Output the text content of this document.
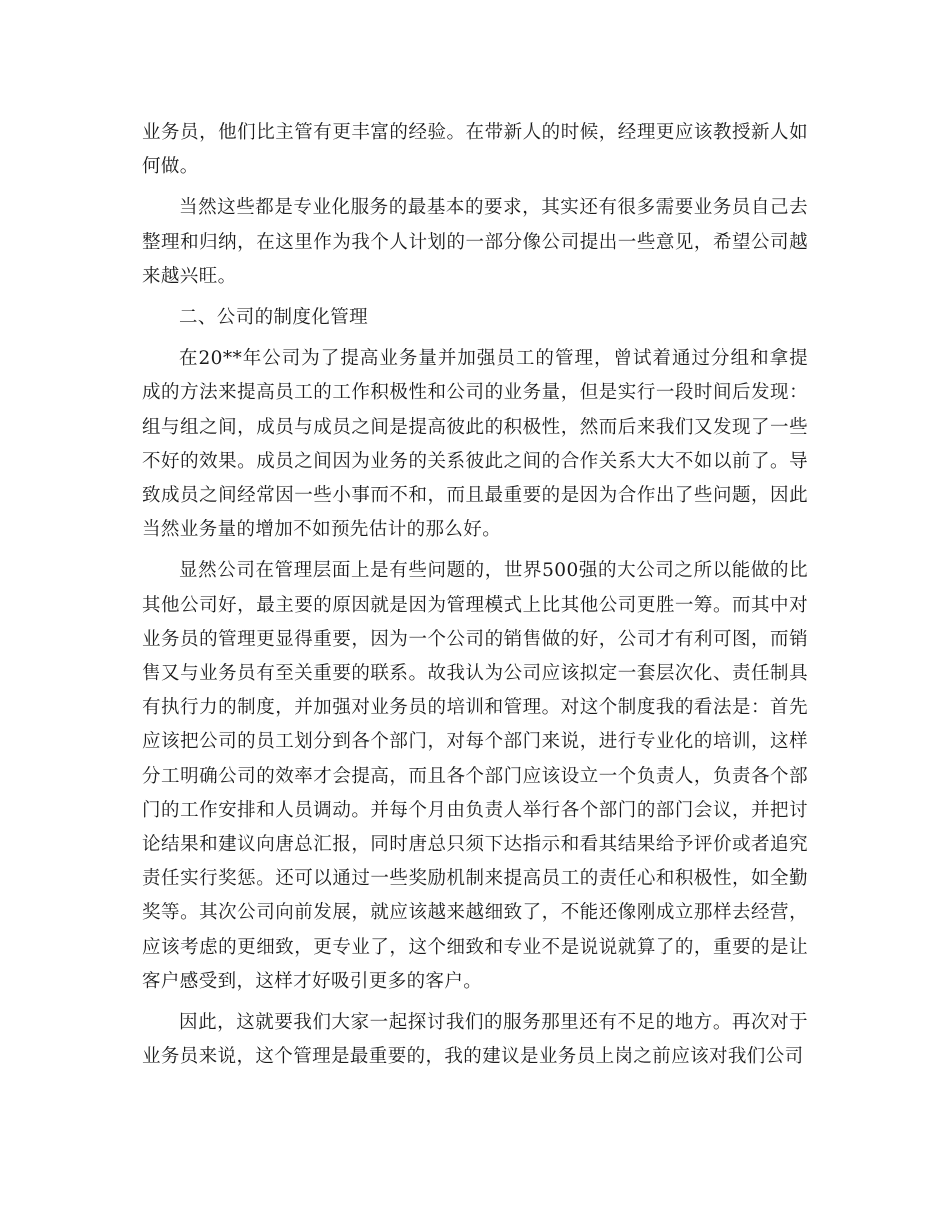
业务员，他们比主管有更丰富的经验。在带新人的时候，经理更应该教授新人如何做。

当然这些都是专业化服务的最基本的要求，其实还有很多需要业务员自己去整理和归纳，在这里作为我个人计划的一部分像公司提出一些意见，希望公司越来越兴旺。

二、公司的制度化管理

在20**年公司为了提高业务量并加强员工的管理，曾试着通过分组和拿提成的方法来提高员工的工作积极性和公司的业务量，但是实行一段时间后发现：组与组之间，成员与成员之间是提高彼此的积极性，然而后来我们又发现了一些不好的效果。成员之间因为业务的关系彼此之间的合作关系大大不如以前了。导致成员之间经常因一些小事而不和，而且最重要的是因为合作出了些问题，因此当然业务量的增加不如预先估计的那么好。

显然公司在管理层面上是有些问题的，世界500强的大公司之所以能做的比其他公司好，最主要的原因就是因为管理模式上比其他公司更胜一筹。而其中对业务员的管理更显得重要，因为一个公司的销售做的好，公司才有利可图，而销售又与业务员有至关重要的联系。故我认为公司应该拟定一套层次化、责任制具有执行力的制度，并加强对业务员的培训和管理。对这个制度我的看法是：首先应该把公司的员工划分到各个部门，对每个部门来说，进行专业化的培训，这样分工明确公司的效率才会提高，而且各个部门应该设立一个负责人，负责各个部门的工作安排和人员调动。并每个月由负责人举行各个部门的部门会议，并把讨论结果和建议向唐总汇报，同时唐总只须下达指示和看其结果给予评价或者追究责任实行奖惩。还可以通过一些奖励机制来提高员工的责任心和积极性，如全勤奖等。其次公司向前发展，就应该越来越细致了，不能还像刚成立那样去经营，应该考虑的更细致，更专业了，这个细致和专业不是说说就算了的，重要的是让客户感受到，这样才好吸引更多的客户。

因此，这就要我们大家一起探讨我们的服务那里还有不足的地方。再次对于业务员来说，这个管理是最重要的，我的建议是业务员上岗之前应该对我们公司
